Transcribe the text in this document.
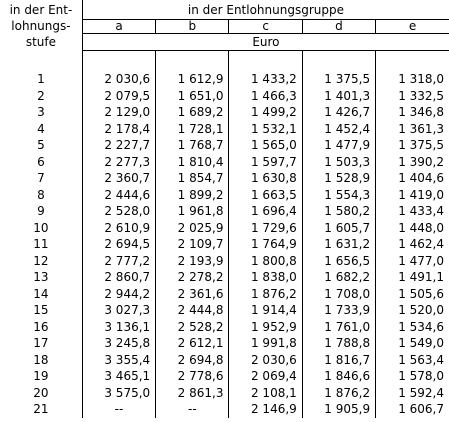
in der Ent-
lohnungs-
stufe	in der Entlohnungsgruppe				
	a	b	c	d	e
	Euro				

1	2 030,6	1 612,9	1 433,2	1 375,5	1 318,0
2	2 079,5	1 651,0	1 466,3	1 401,3	1 332,5
3	2 129,0	1 689,2	1 499,2	1 426,7	1 346,8
4	2 178,4	1 728,1	1 532,1	1 452,4	1 361,3
5	2 227,7	1 768,7	1 565,0	1 477,9	1 375,5
6	2 277,3	1 810,4	1 597,7	1 503,3	1 390,2
7	2 360,7	1 854,7	1 630,8	1 528,9	1 404,6
8	2 444,6	1 899,2	1 663,5	1 554,3	1 419,0
9	2 528,0	1 961,8	1 696,4	1 580,2	1 433,4
10	2 610,9	2 025,9	1 729,6	1 605,7	1 448,0
11	2 694,5	2 109,7	1 764,9	1 631,2	1 462,4
12	2 777,2	2 193,9	1 800,8	1 656,5	1 477,0
13	2 860,7	2 278,2	1 838,0	1 682,2	1 491,1
14	2 944,2	2 361,6	1 876,2	1 708,0	1 505,6
15	3 027,3	2 444,8	1 914,4	1 733,9	1 520,0
16	3 136,1	2 528,2	1 952,9	1 761,0	1 534,6
17	3 245,8	2 612,1	1 991,8	1 788,8	1 549,0
18	3 355,4	2 694,8	2 030,6	1 816,7	1 563,4
19	3 465,1	2 778,6	2 069,4	1 846,6	1 578,0
20	3 575,0	2 861,3	2 108,1	1 876,2	1 592,4
21	--	--	2 146,9	1 905,9	1 606,7
